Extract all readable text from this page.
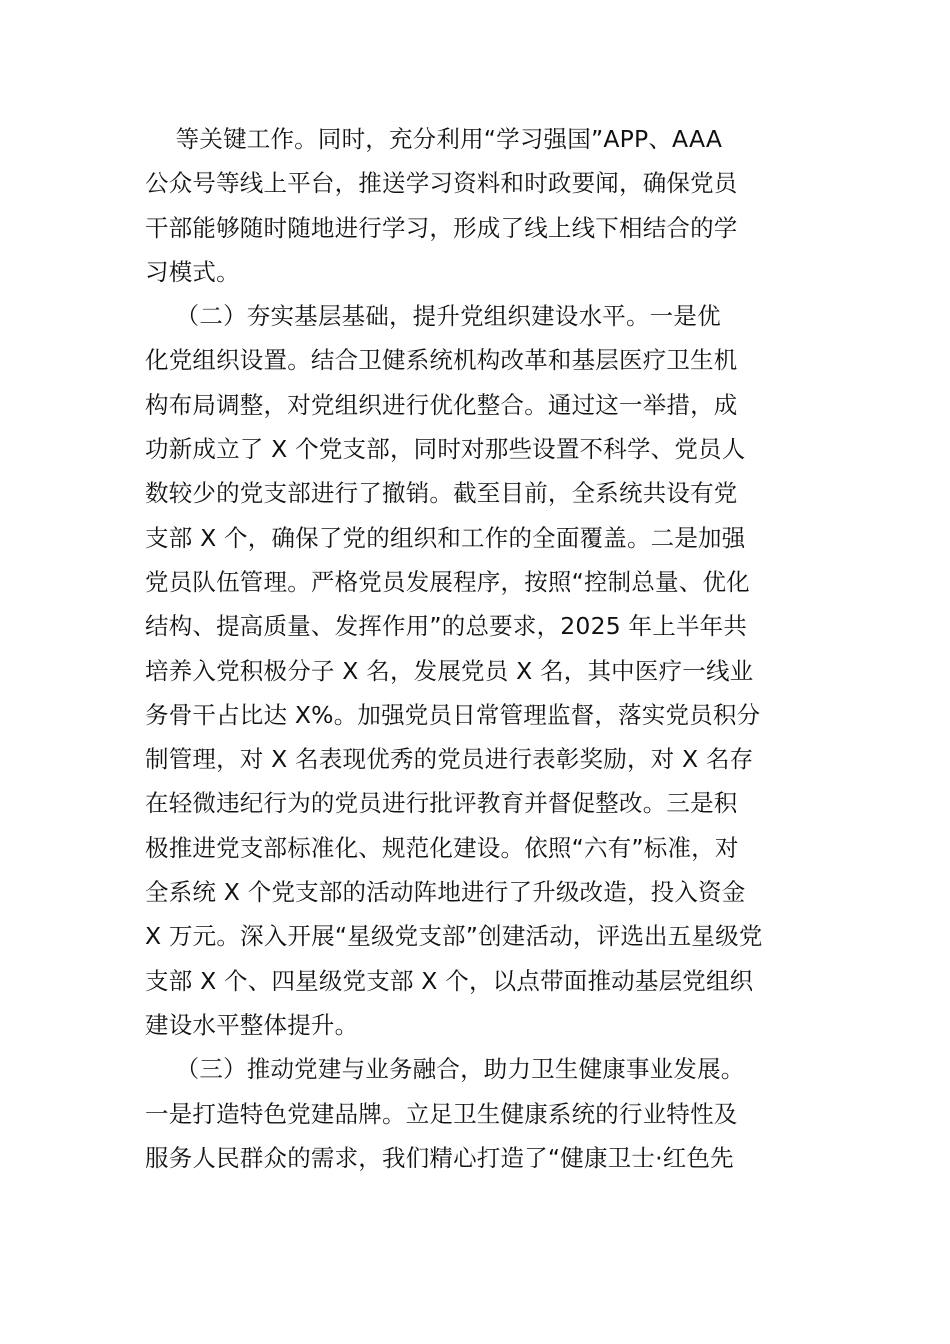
等关键工作。同时，充分利用“学习强国”APP、AAA
公众号等线上平台，推送学习资料和时政要闻，确保党员
干部能够随时随地进行学习，形成了线上线下相结合的学
习模式。
（二）夯实基层基础，提升党组织建设水平。一是优
化党组织设置。结合卫健系统机构改革和基层医疗卫生机
构布局调整，对党组织进行优化整合。通过这一举措，成
功新成立了 X 个党支部，同时对那些设置不科学、党员人
数较少的党支部进行了撤销。截至目前，全系统共设有党
支部 X 个，确保了党的组织和工作的全面覆盖。二是加强
党员队伍管理。严格党员发展程序，按照“控制总量、优化
结构、提高质量、发挥作用”的总要求，2025 年上半年共
培养入党积极分子 X 名，发展党员 X 名，其中医疗一线业
务骨干占比达 X%。加强党员日常管理监督，落实党员积分
制管理，对 X 名表现优秀的党员进行表彰奖励，对 X 名存
在轻微违纪行为的党员进行批评教育并督促整改。三是积
极推进党支部标准化、规范化建设。依照“六有”标准，对
全系统 X 个党支部的活动阵地进行了升级改造，投入资金
X 万元。深入开展“星级党支部”创建活动，评选出五星级党
支部 X 个、四星级党支部 X 个，以点带面推动基层党组织
建设水平整体提升。
（三）推动党建与业务融合，助力卫生健康事业发展。
一是打造特色党建品牌。立足卫生健康系统的行业特性及
服务人民群众的需求，我们精心打造了“健康卫士·红色先
